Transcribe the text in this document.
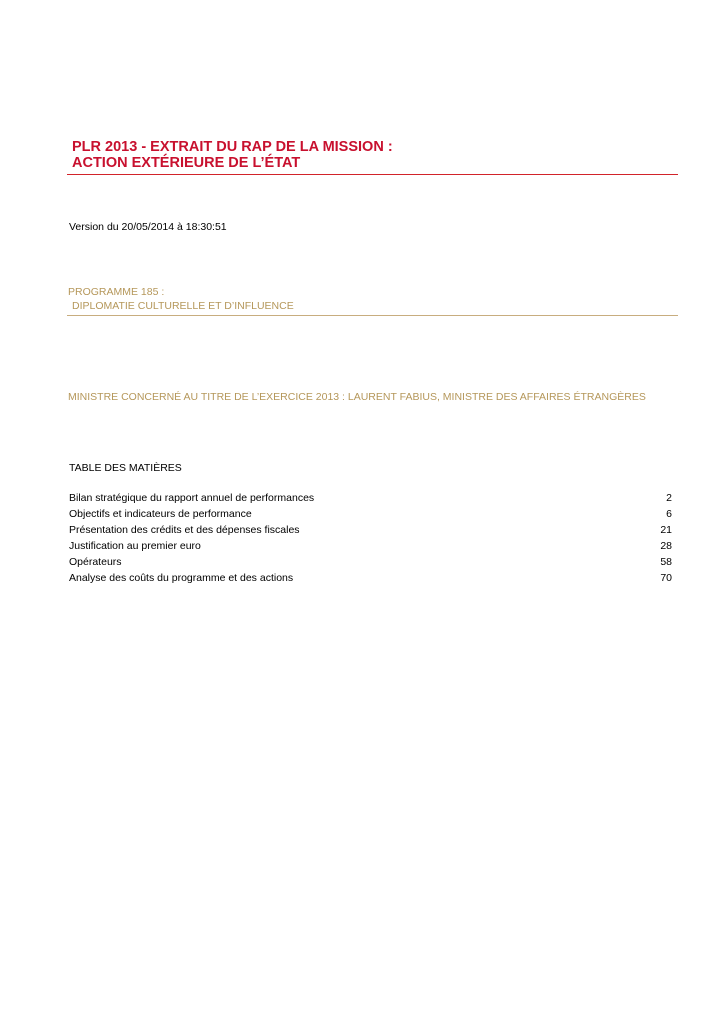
PLR 2013 - EXTRAIT DU RAP DE LA MISSION :
ACTION EXTÉRIEURE DE L’ÉTAT
Version du 20/05/2014 à 18:30:51
PROGRAMME 185 :
DIPLOMATIE CULTURELLE ET D’INFLUENCE
MINISTRE CONCERNÉ AU TITRE DE L’EXERCICE 2013 : LAURENT FABIUS, MINISTRE DES AFFAIRES ÉTRANGÈRES
TABLE DES MATIÈRES
Bilan stratégique du rapport annuel de performances	2
Objectifs et indicateurs de performance	6
Présentation des crédits et des dépenses fiscales	21
Justification au premier euro	28
Opérateurs	58
Analyse des coûts du programme et des actions	70
